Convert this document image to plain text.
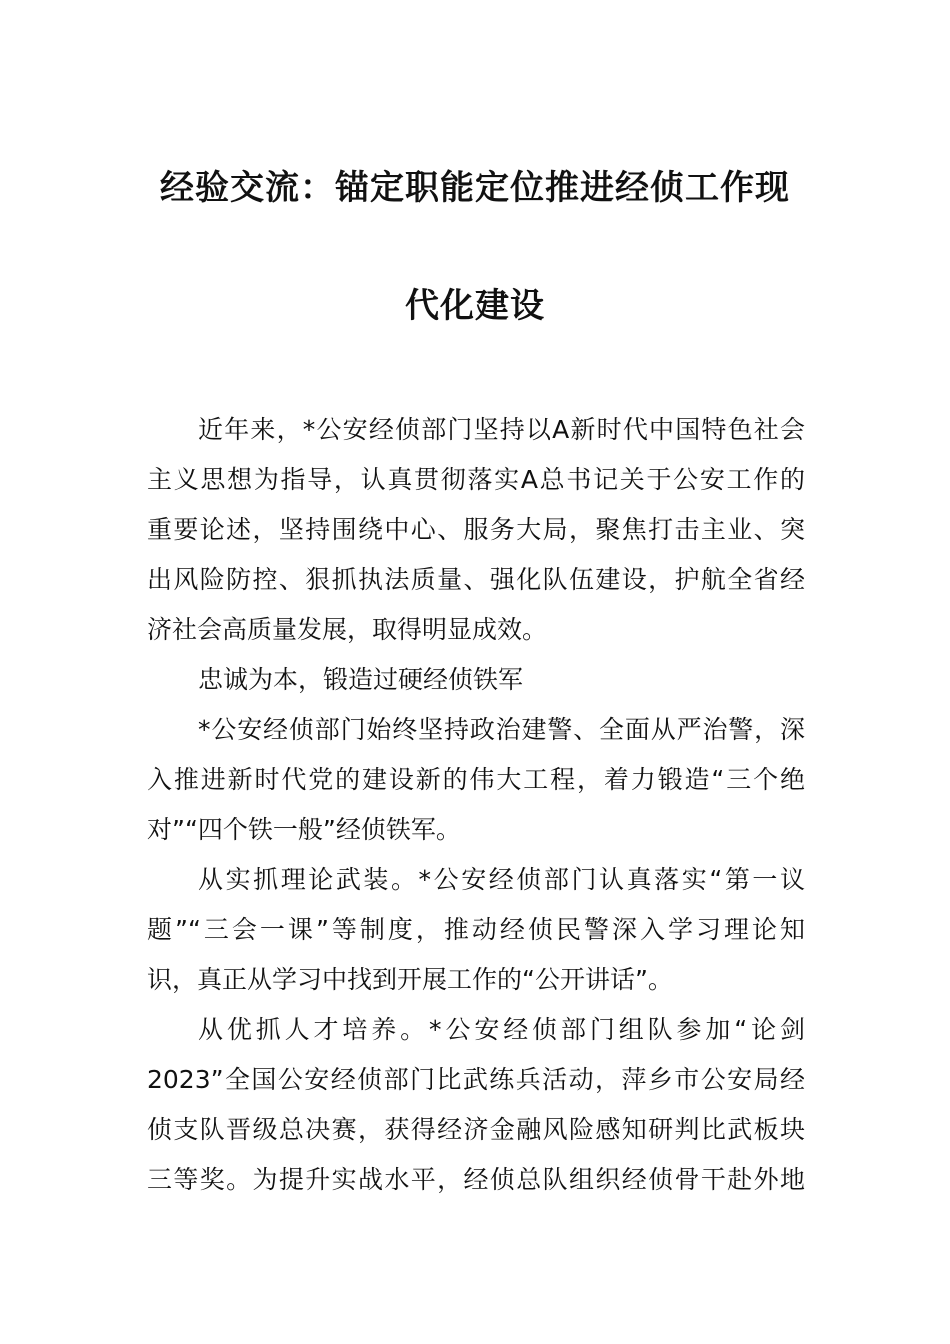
经验交流：锚定职能定位推进经侦工作现
代化建设
近年来，*公安经侦部门坚持以A新时代中国特色社会
主义思想为指导，认真贯彻落实A总书记关于公安工作的
重要论述，坚持围绕中心、服务大局，聚焦打击主业、突
出风险防控、狠抓执法质量、强化队伍建设，护航全省经
济社会高质量发展，取得明显成效。
忠诚为本，锻造过硬经侦铁军
*公安经侦部门始终坚持政治建警、全面从严治警，深
入推进新时代党的建设新的伟大工程，着力锻造“三个绝
对”“四个铁一般”经侦铁军。
从实抓理论武装。*公安经侦部门认真落实“第一议
题”“三会一课”等制度，推动经侦民警深入学习理论知
识，真正从学习中找到开展工作的“公开讲话”。
从优抓人才培养。*公安经侦部门组队参加“论剑
2023”全国公安经侦部门比武练兵活动，萍乡市公安局经
侦支队晋级总决赛，获得经济金融风险感知研判比武板块
三等奖。为提升实战水平，经侦总队组织经侦骨干赴外地
